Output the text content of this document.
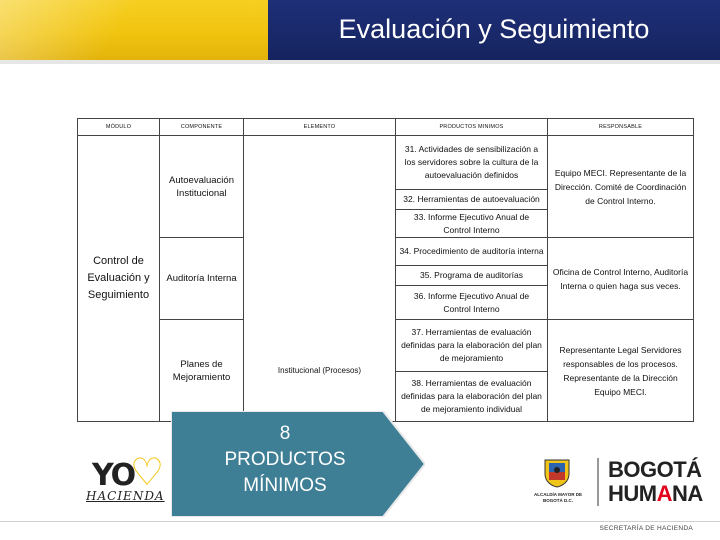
Evaluación y Seguimiento
MÓDULO	COMPONENTE	ELEMENTO	PRODUCTOS MINIMOS	RESPONSABLE
Control de Evaluación y Seguimiento	Autoevaluación Institucional		31. Actividades de sensibilización a los servidores sobre la cultura de la autoevaluación definidos	Equipo MECI. Representante de la Dirección. Comité de Coordinación de Control Interno.
			32. Herramientas de autoevaluación	
			33. Informe Ejecutivo Anual de Control Interno	
	Auditoría Interna		34. Procedimiento de auditoría interna	Oficina de Control Interno, Auditoría Interna o quien haga sus veces.
			35. Programa de auditorías	
			36. Informe Ejecutivo Anual de Control Interno	
	Planes de Mejoramiento	Institucional (Procesos)	37. Herramientas de evaluación definidas para la elaboración del plan de mejoramiento	Representante Legal Servidores responsables de los procesos. Representante de la Dirección Equipo MECI.
			38. Herramientas de evaluación definidas para la elaboración del plan de mejoramiento individual	
8
PRODUCTOS
MÍNIMOS
YO
♡
HACIENDA	ALCALDÍA MAYOR DE BOGOTÁ D.C.
BOGOTÁ
HUMANA
SECRETARÍA DE HACIENDA
